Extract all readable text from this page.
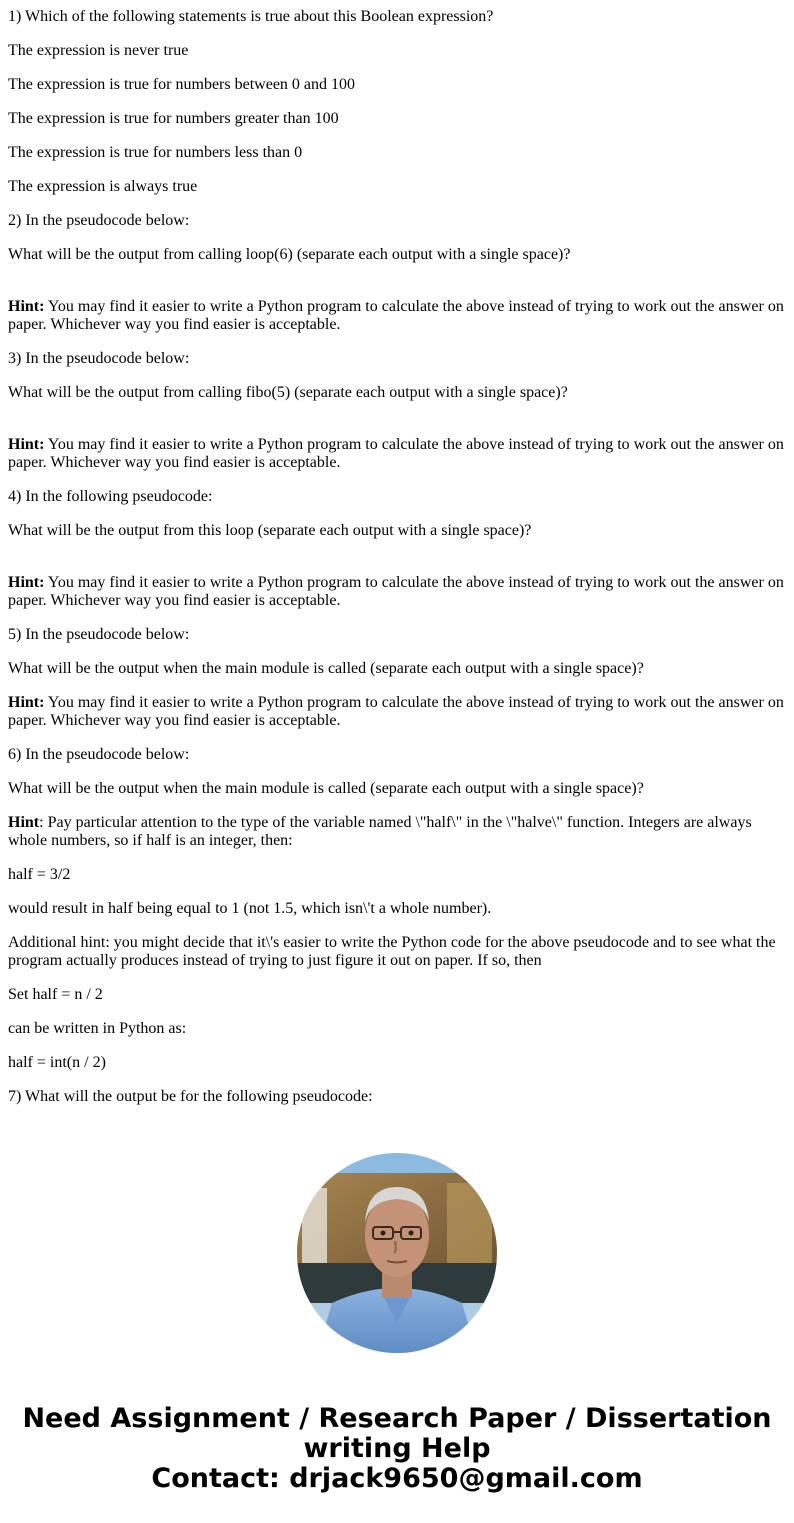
1) Which of the following statements is true about this Boolean expression?

The expression is never true

The expression is true for numbers between 0 and 100

The expression is true for numbers greater than 100

The expression is true for numbers less than 0

The expression is always true

2) In the pseudocode below:

What will be the output from calling loop(6) (separate each output with a single space)?

Hint: You may find it easier to write a Python program to calculate the above instead of trying to work out the answer on paper. Whichever way you find easier is acceptable.

3) In the pseudocode below:

What will be the output from calling fibo(5) (separate each output with a single space)?

Hint: You may find it easier to write a Python program to calculate the above instead of trying to work out the answer on paper. Whichever way you find easier is acceptable.

4) In the following pseudocode:

What will be the output from this loop (separate each output with a single space)?

Hint: You may find it easier to write a Python program to calculate the above instead of trying to work out the answer on paper. Whichever way you find easier is acceptable.

5) In the pseudocode below:

What will be the output when the main module is called (separate each output with a single space)?

Hint: You may find it easier to write a Python program to calculate the above instead of trying to work out the answer on paper. Whichever way you find easier is acceptable.

6) In the pseudocode below:

What will be the output when the main module is called (separate each output with a single space)?

Hint: Pay particular attention to the type of the variable named \"half\" in the \"halve\" function. Integers are always whole numbers, so if half is an integer, then:

half = 3/2

would result in half being equal to 1 (not 1.5, which isn\'t a whole number).

Additional hint: you might decide that it\'s easier to write the Python code for the above pseudocode and to see what the program actually produces instead of trying to just figure it out on paper. If so, then

Set half = n / 2

can be written in Python as:

half = int(n / 2)

7) What will the output be for the following pseudocode:

Need Assignment / Research Paper / Dissertation
writing Help
Contact: drjack9650@gmail.com
